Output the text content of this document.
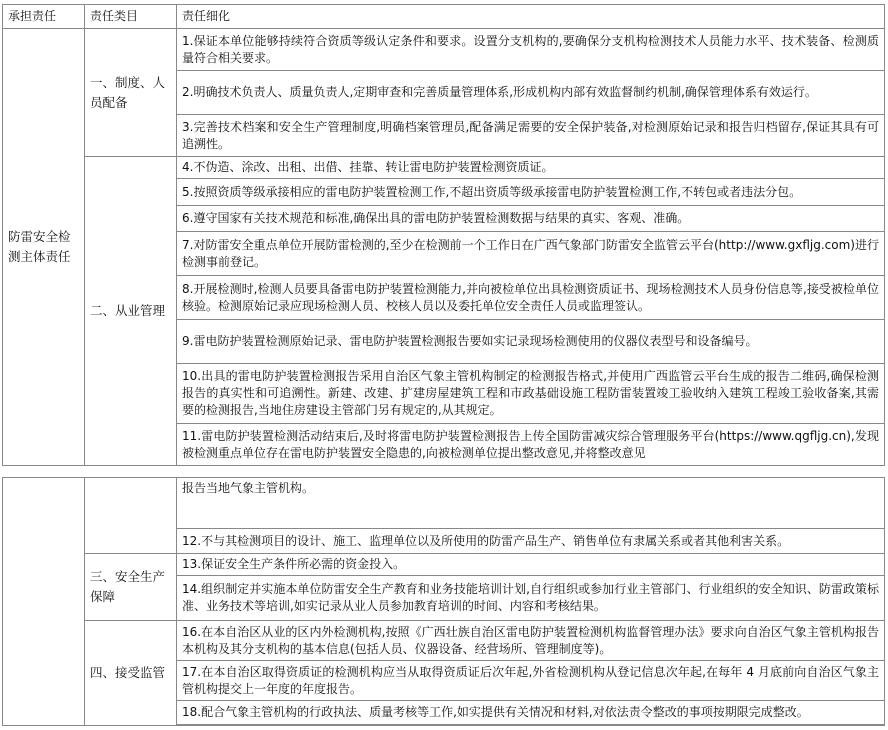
承担责任	责任类目	责任细化
防雷安全检测主体责任	一、制度、人员配备	1.保证本单位能够持续符合资质等级认定条件和要求。设置分支机构的,要确保分支机构检测技术人员能力水平、技术装备、检测质量符合相关要求。
		2.明确技术负责人、质量负责人,定期审查和完善质量管理体系,形成机构内部有效监督制约机制,确保管理体系有效运行。
		3.完善技术档案和安全生产管理制度,明确档案管理员,配备满足需要的安全保护装备,对检测原始记录和报告归档留存,保证其具有可追溯性。
	二、从业管理	4.不伪造、涂改、出租、出借、挂靠、转让雷电防护装置检测资质证。
		5.按照资质等级承接相应的雷电防护装置检测工作,不超出资质等级承接雷电防护装置检测工作,不转包或者违法分包。
		6.遵守国家有关技术规范和标准,确保出具的雷电防护装置检测数据与结果的真实、客观、准确。
		7.对防雷安全重点单位开展防雷检测的,至少在检测前一个工作日在广西气象部门防雷安全监管云平台(http://www.gxfljg.com)进行检测事前登记。
		8.开展检测时,检测人员要具备雷电防护装置检测能力,并向被检单位出具检测资质证书、现场检测技术人员身份信息等,接受被检单位核验。检测原始记录应现场检测人员、校核人员以及委托单位安全责任人员或监理签认。
		9.雷电防护装置检测原始记录、雷电防护装置检测报告要如实记录现场检测使用的仪器仪表型号和设备编号。
		10.出具的雷电防护装置检测报告采用自治区气象主管机构制定的检测报告格式,并使用广西监管云平台生成的报告二维码,确保检测报告的真实性和可追溯性。新建、改建、扩建房屋建筑工程和市政基础设施工程防雷装置竣工验收纳入建筑工程竣工验收备案,其需要的检测报告,当地住房建设主管部门另有规定的,从其规定。
		11.雷电防护装置检测活动结束后,及时将雷电防护装置检测报告上传全国防雷减灾综合管理服务平台(https://www.qgfljg.cn),发现被检测重点单位存在雷电防护装置安全隐患的,向被检测单位提出整改意见,并将整改意见
		报告当地气象主管机构。
		12.不与其检测项目的设计、施工、监理单位以及所使用的防雷产品生产、销售单位有隶属关系或者其他利害关系。
	三、安全生产保障	13.保证安全生产条件所必需的资金投入。
		14.组织制定并实施本单位防雷安全生产教育和业务技能培训计划,自行组织或参加行业主管部门、行业组织的安全知识、防雷政策标准、业务技术等培训,如实记录从业人员参加教育培训的时间、内容和考核结果。
	四、接受监管	16.在本自治区从业的区内外检测机构,按照《广西壮族自治区雷电防护装置检测机构监督管理办法》要求向自治区气象主管机构报告本机构及其分支机构的基本信息(包括人员、仪器设备、经营场所、管理制度等)。
		17.在本自治区取得资质证的检测机构应当从取得资质证后次年起,外省检测机构从登记信息次年起,在每年 4 月底前向自治区气象主管机构提交上一年度的年度报告。
		18.配合气象主管机构的行政执法、质量考核等工作,如实提供有关情况和材料,对依法责令整改的事项按期限完成整改。
